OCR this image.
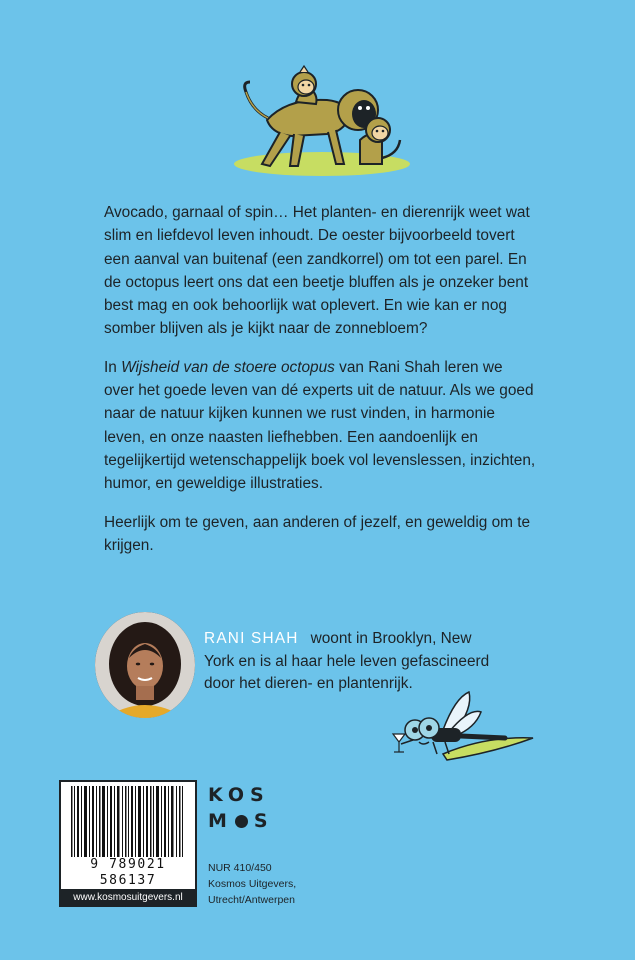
Avocado, garnaal of spin… Het planten- en dierenrijk weet wat slim en liefdevol leven inhoudt. De oester bijvoorbeeld tovert een aanval van buitenaf (een zandkorrel) om tot een parel. En de octopus leert ons dat een beetje bluffen als je onzeker bent best mag en ook behoorlijk wat oplevert. En wie kan er nog somber blijven als je kijkt naar de zonnebloem?

In Wijsheid van de stoere octopus van Rani Shah leren we over het goede leven van dé experts uit de natuur. Als we goed naar de natuur kijken kunnen we rust vinden, in harmonie leven, en onze naasten liefhebben. Een aandoenlijk en tegelijkertijd wetenschappelijk boek vol levenslessen, inzichten, humor, en geweldige illustraties.

Heerlijk om te geven, aan anderen of jezelf, en geweldig om te krijgen.

RANI SHAH woont in Brooklyn, New York en is al haar hele leven gefascineerd door het dieren- en plantenrijk.
9 789021 586137
www.kosmosuitgevers.nl
KOS
M S
NUR 410/450
Kosmos Uitgevers,
Utrecht/Antwerpen
